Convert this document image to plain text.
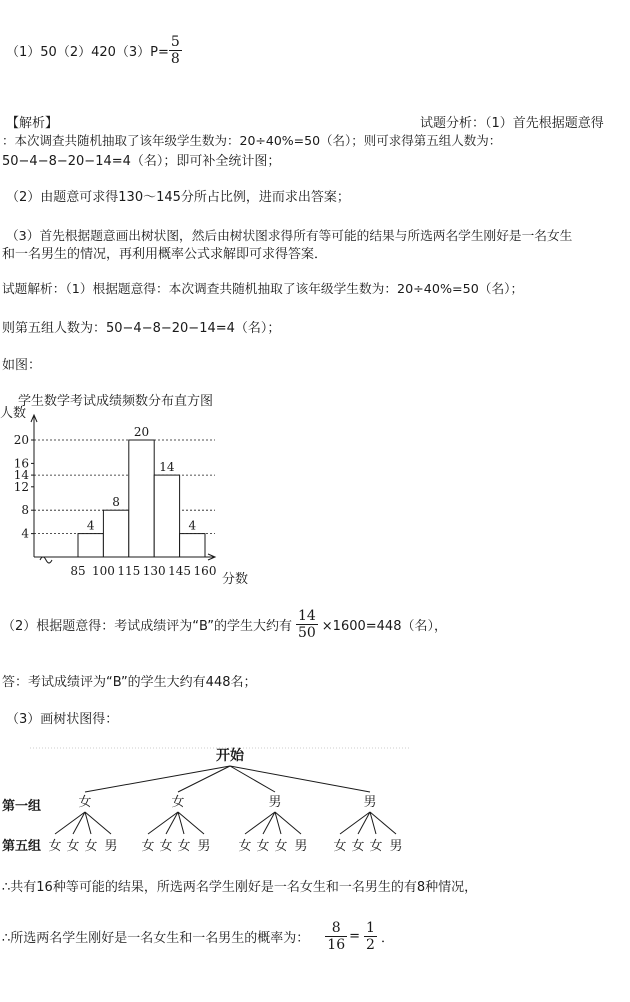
$(1)50(2)420(3)P= \frac{5}{8}$
【解析】	试题分析：（1）首先根据题意得
：本次调查共随机抽取了该年级学生数为：20÷40%=50（名）；则可求得第五组人数为：
50−4−8−20−14=4（名）；即可补全统计图；
（2）由题意可求得130～145分所占比例，进而求出答案；
（3）首先根据题意画出树状图，然后由树状图求得所有等可能的结果与所选两名学生刚好是一名女生
和一名男生的情况，再利用概率公式求解即可求得答案．
试题解析：（1）根据题意得：本次调查共随机抽取了该年级学生数为：20÷40%=50（名）；
则第五组人数为：50−4−8−20−14=4（名）；
如图：
学生数学考试成绩频数分布直方图
人数
分数
4
8
12
14
16
20
4
8
20
14
4
85 100 115 130 145 160
（2）根据题意得：考试成绩评为“B”的学生大约有 $\frac{14}{50} \times 1600=448$（名），
答：考试成绩评为“B”的学生大约有448名；
（3）画树状图得：
开始
第一组
第五组
女
女 女 女 男
女
女 女 女 男
男
女 女 女 男
男
女 女 女 男
∴共有16种等可能的结果，所选两名学生刚好是一名女生和一名男生的有8种情况，
∴所选两名学生刚好是一名女生和一名男生的概率为： $\frac{8}{16} = \frac{1}{2}$ ．
